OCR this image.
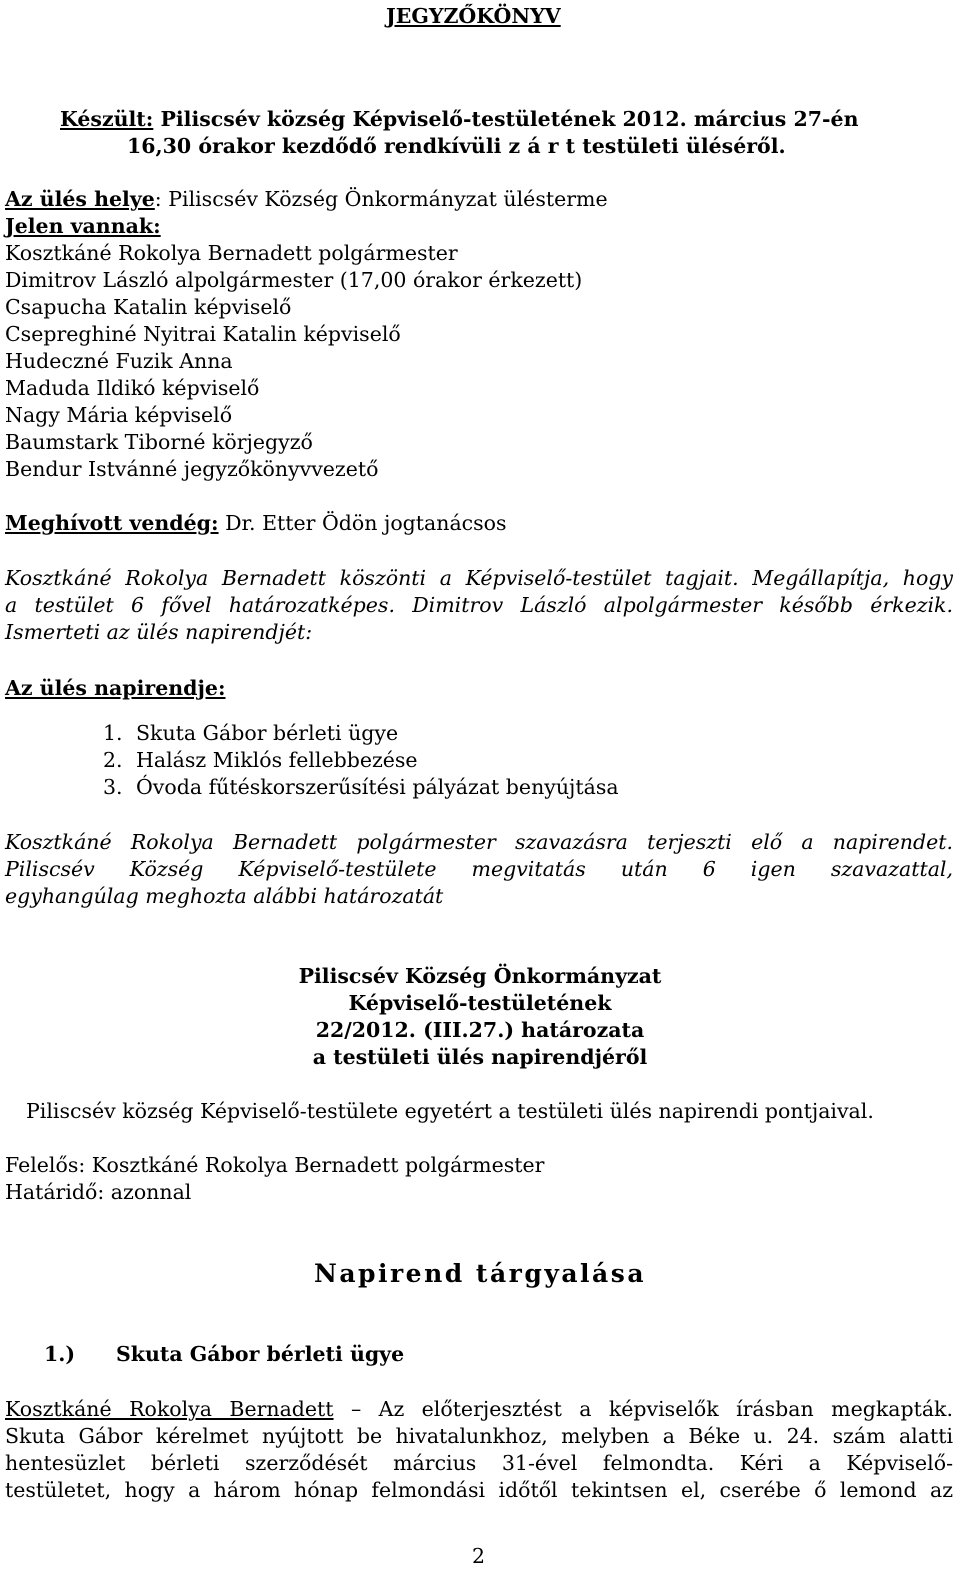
JEGYZŐKÖNYV
Készült: Piliscsév község Képviselő-testületének 2012. március 27-én
16,30 órakor kezdődő rendkívüli z á r t testületi üléséről.
Az ülés helye: Piliscsév Község Önkormányzat ülésterme
Jelen vannak:
Kosztkáné Rokolya Bernadett polgármester
Dimitrov László alpolgármester (17,00 órakor érkezett)
Csapucha Katalin képviselő
Csepreghiné Nyitrai Katalin képviselő
Hudeczné Fuzik Anna
Maduda Ildikó képviselő
Nagy Mária képviselő
Baumstark Tiborné körjegyző
Bendur Istvánné jegyzőkönyvvezető
Meghívott vendég: Dr. Etter Ödön jogtanácsos
Kosztkáné Rokolya Bernadett köszönti a Képviselő-testület tagjait. Megállapítja, hogy
a testület 6 fővel határozatképes. Dimitrov László alpolgármester később érkezik.
Ismerteti az ülés napirendjét:
Az ülés napirendje:
1. Skuta Gábor bérleti ügye
2. Halász Miklós fellebbezése
3. Óvoda fűtéskorszerűsítési pályázat benyújtása
Kosztkáné Rokolya Bernadett polgármester szavazásra terjeszti elő a napirendet.
Piliscsév Község Képviselő-testülete megvitatás után 6 igen szavazattal,
egyhangúlag meghozta alábbi határozatát
Piliscsév Község Önkormányzat
Képviselő-testületének
22/2012. (III.27.) határozata
a testületi ülés napirendjéről
Piliscsév község Képviselő-testülete egyetért a testületi ülés napirendi pontjaival.
Felelős: Kosztkáné Rokolya Bernadett polgármester
Határidő: azonnal
Napirend tárgyalása
1.) Skuta Gábor bérleti ügye
Kosztkáné Rokolya Bernadett – Az előterjesztést a képviselők írásban megkapták.
Skuta Gábor kérelmet nyújtott be hivatalunkhoz, melyben a Béke u. 24. szám alatti
hentesüzlet bérleti szerződését március 31-ével felmondta. Kéri a Képviselő-
testületet, hogy a három hónap felmondási időtől tekintsen el, cserébe ő lemond az
2
